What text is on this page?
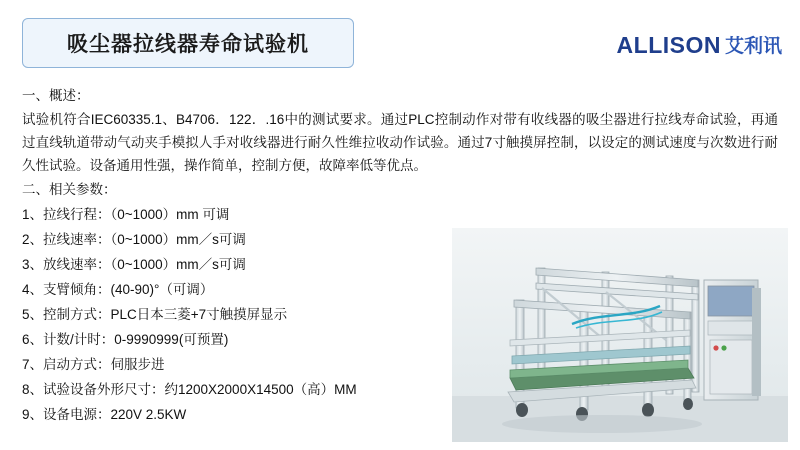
吸尘器拉线器寿命试验机	ALLISON 艾利讯
一、概述：
试验机符合IEC60335.1、B4706．122．.16中的测试要求。通过PLC控制动作对带有收线器的吸尘器进行拉线寿命试验，再通过直线轨道带动气动夹手模拟人手对收线器进行耐久性维拉收动作试验。通过7寸触摸屏控制，以设定的测试速度与次数进行耐久性试验。设备通用性强，操作简单，控制方便，故障率低等优点。
二、相关参数：
1、拉线行程：（0~1000）mm 可调
2、拉线速率：（0~1000）mm／s可调
3、放线速率：（0~1000）mm／s可调
4、支臂倾角：(40-90)°（可调）
5、控制方式：PLC日本三菱+7寸触摸屏显示
6、计数/计时：0-9990999(可预置)
7、启动方式：伺服步进
8、试验设备外形尺寸：约1200X2000X14500（高）MM
9、设备电源：220V 2.5KW
